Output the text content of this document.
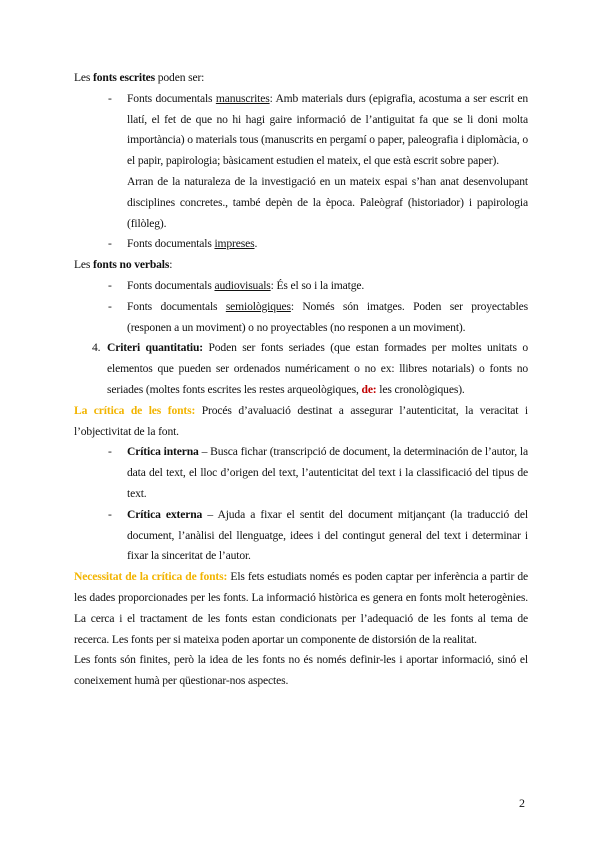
Les fonts escrites poden ser:

- Fonts documentals manuscrites: Amb materials durs (epigrafia, acostuma a ser escrit en llatí, el fet de que no hi hagi gaire informació de l’antiguitat fa que se li doni molta importància) o materials tous (manuscrits en pergamí o paper, paleografia i diplomàcia, o el papir, papirologia; bàsicament estudien el mateix, el que està escrit sobre paper).

Arran de la naturaleza de la investigació en un mateix espai s’han anat desenvolupant disciplines concretes., també depèn de la època. Paleògraf (historiador) i papirologia (filòleg).

- Fonts documentals impreses.

Les fonts no verbals:

- Fonts documentals audiovisuals: És el so i la imatge.

- Fonts documentals semiològiques: Només són imatges. Poden ser proyectables (responen a un moviment) o no proyectables (no responen a un moviment).

4. Criteri quantitatiu: Poden ser fonts seriades (que estan formades per moltes unitats o elementos que pueden ser ordenados numéricament o no ex: llibres notarials) o fonts no seriades (moltes fonts escrites les restes arqueològiques, de: les cronològiques).

La crítica de les fonts: Procés d’avaluació destinat a assegurar l’autenticitat, la veracitat i l’objectivitat de la font.

- Crítica interna – Busca fichar (transcripció de document, la determinación de l’autor, la data del text, el lloc d’origen del text, l’autenticitat del text i la classificació del tipus de text.

- Crítica externa – Ajuda a fixar el sentit del document mitjançant (la traducció del document, l’anàlisi del llenguatge, idees i del contingut general del text i determinar i fixar la sinceritat de l’autor.

Necessitat de la crítica de fonts: Els fets estudiats només es poden captar per inferència a partir de les dades proporcionades per les fonts. La informació històrica es genera en fonts molt heterogènies. La cerca i el tractament de les fonts estan condicionats per l’adequació de les fonts al tema de recerca. Les fonts per si mateixa poden aportar un componente de distorsión de la realitat.

Les fonts són finites, però la idea de les fonts no és només definir-les i aportar informació, sinó el coneixement humà per qüestionar-nos aspectes.

2
